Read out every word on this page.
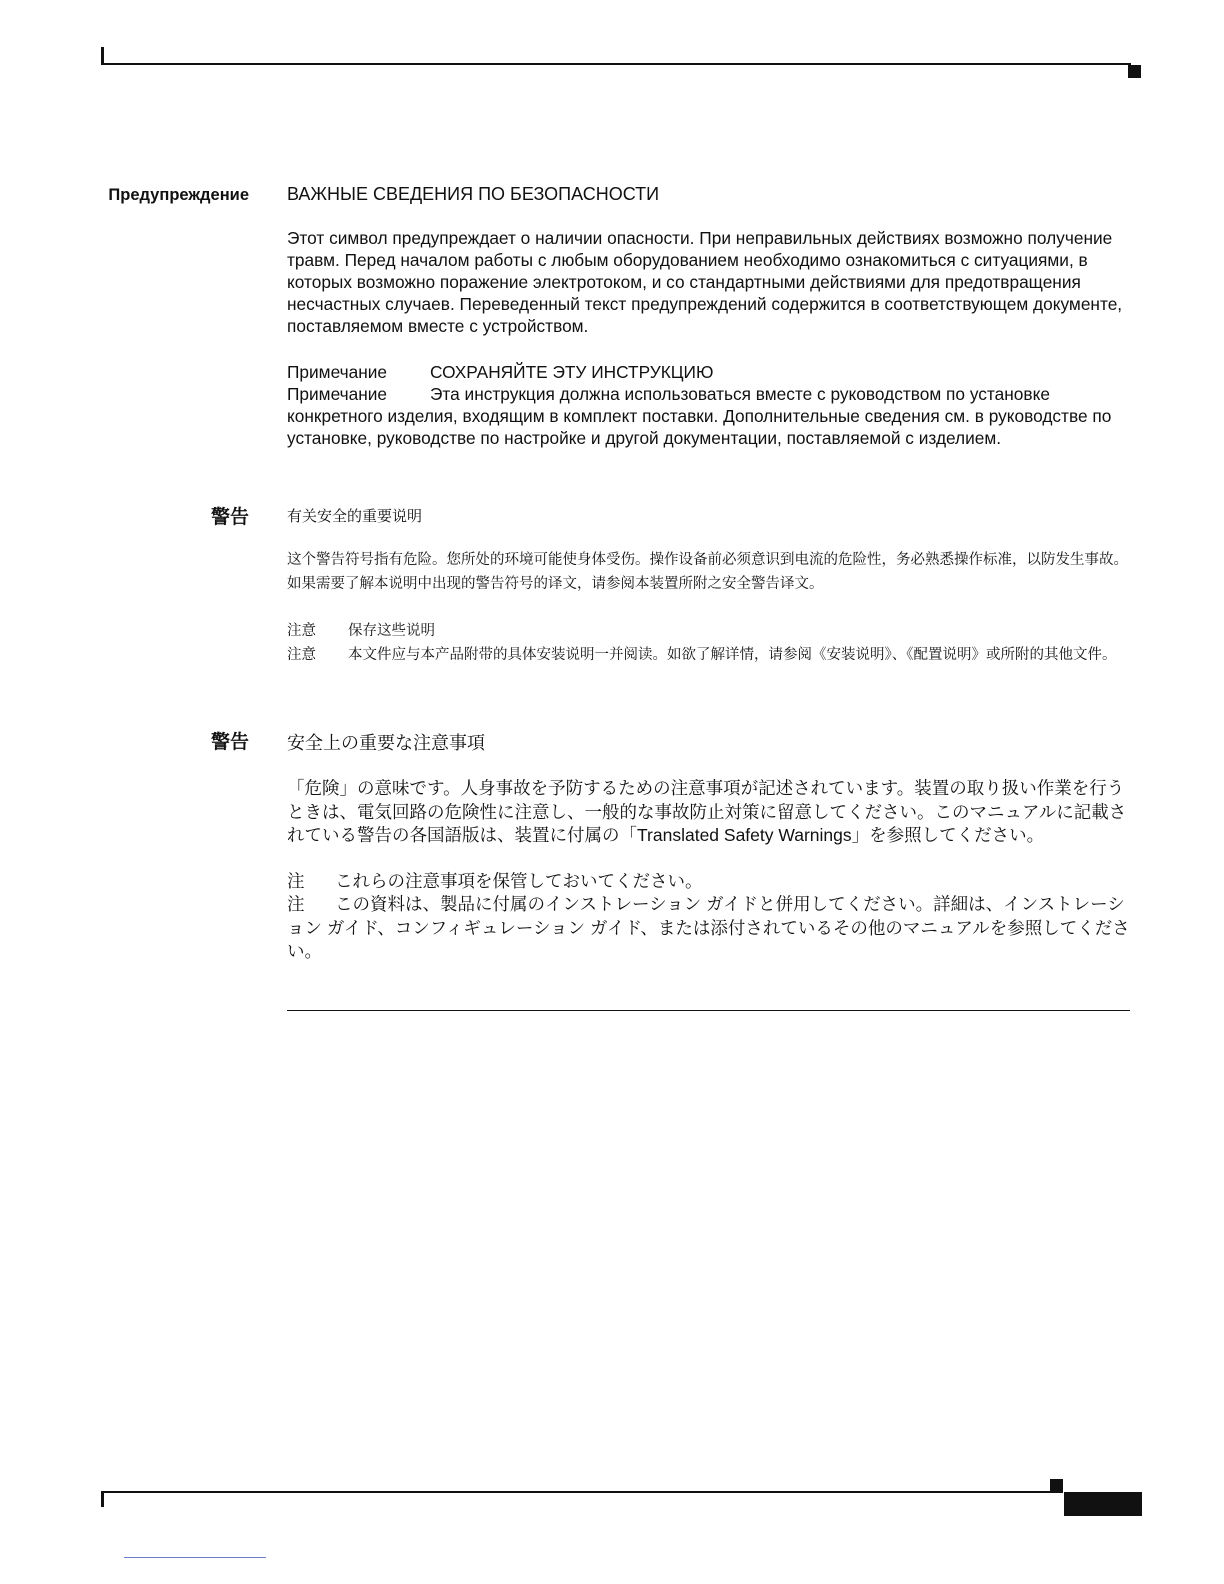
Предупреждение ВАЖНЫЕ СВЕДЕНИЯ ПО БЕЗОПАСНОСТИ

Этот символ предупреждает о наличии опасности. При неправильных действиях возможно получение травм. Перед началом работы с любым оборудованием необходимо ознакомиться с ситуациями, в которых возможно поражение электротоком, и со стандартными действиями для предотвращения несчастных случаев. Переведенный текст предупреждений содержится в соответствующем документе, поставляемом вместе с устройством.

Примечание СОХРАНЯЙТЕ ЭТУ ИНСТРУКЦИЮ
Примечание Эта инструкция должна использоваться вместе с руководством по установке конкретного изделия, входящим в комплект поставки. Дополнительные сведения см. в руководстве по установке, руководстве по настройке и другой документации, поставляемой с изделием.
警告	有关安全的重要说明

这个警告符号指有危险。您所处的环境可能使身体受伤。操作设备前必须意识到电流的危险性，务必熟悉操作标准，以防发生事故。如果需要了解本说明中出现的警告符号的译文，请参阅本装置所附之安全警告译文。

注意 保存这些说明
注意 本文件应与本产品附带的具体安装说明一并阅读。如欲了解详情，请参阅《安装说明》、《配置说明》或所附的其他文件。
警告 安全上の重要な注意事項

「危険」の意味です。人身事故を予防するための注意事項が記述されています。装置の取り扱い作業を行うときは、電気回路の危険性に注意し、一般的な事故防止対策に留意してください。このマニュアルに記載されている警告の各国語版は、装置に付属の「Translated Safety Warnings」を参照してください。

注 これらの注意事項を保管しておいてください。
注 この資料は、製品に付属のインストレーション ガイドと併用してください。詳細は、インストレーション ガイド、コンフィギュレーション ガイド、または添付されているその他のマニュアルを参照してください。
